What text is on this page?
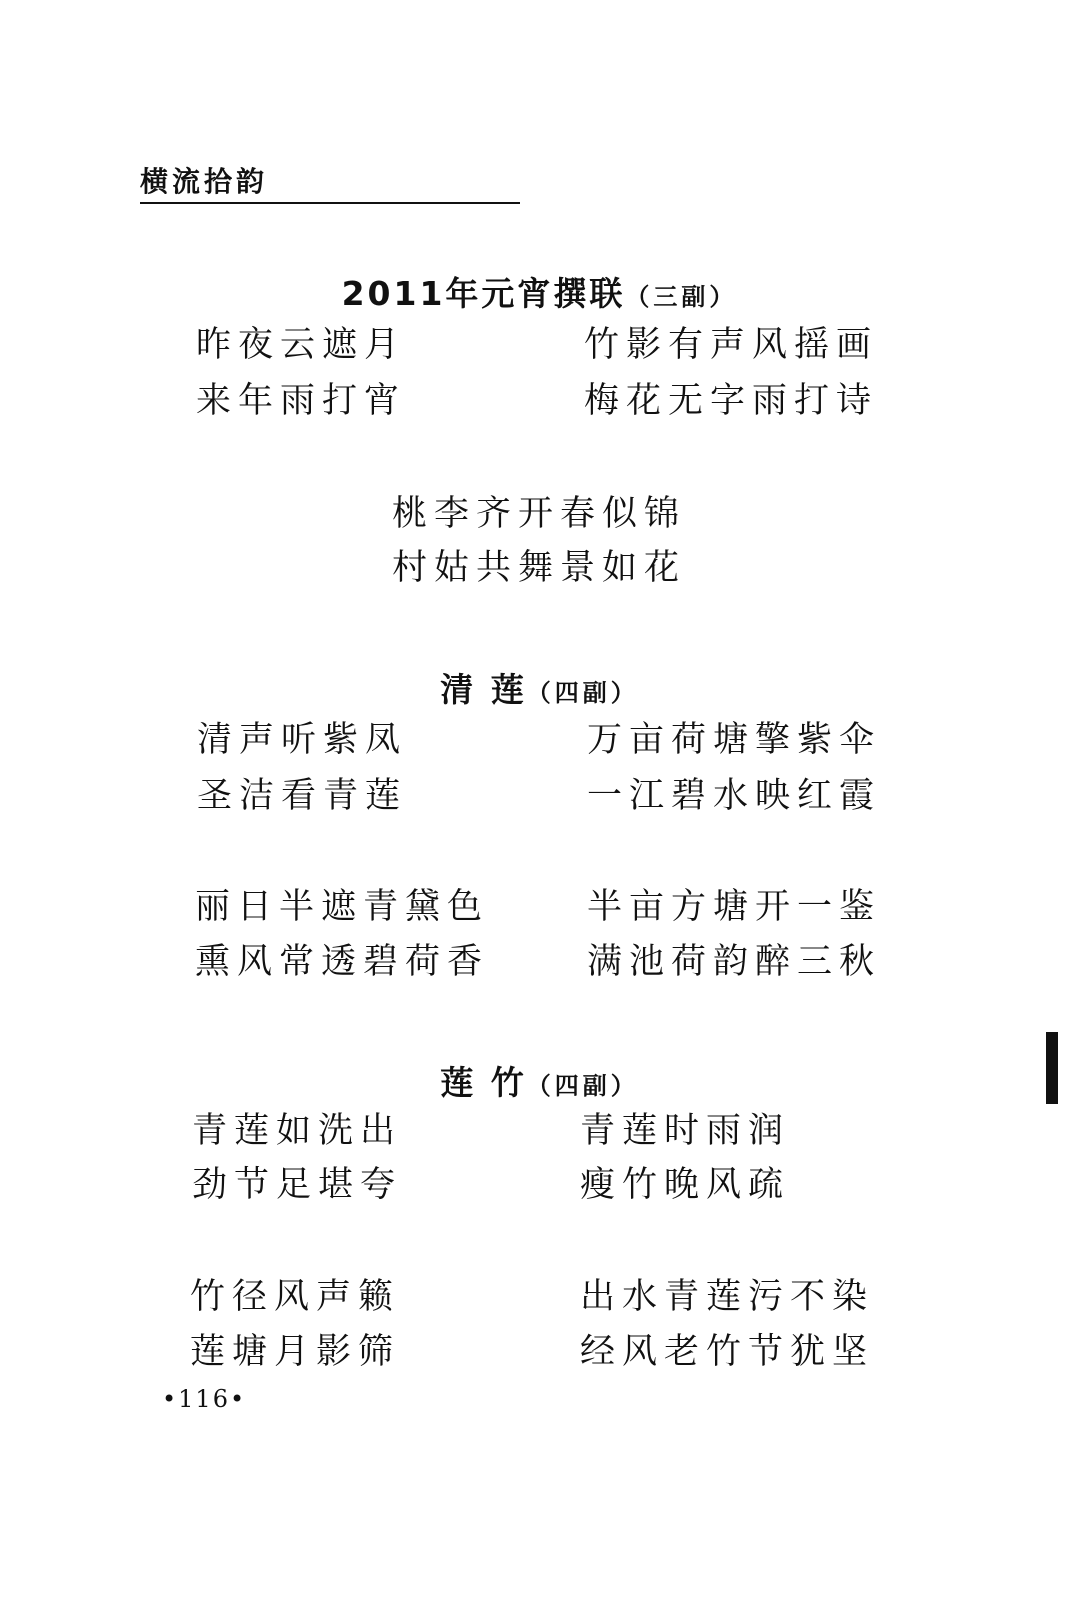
横流拾韵
2011年元宵撰联（三副）
昨夜云遮月
来年雨打宵
竹影有声风摇画
梅花无字雨打诗
桃李齐开春似锦
村姑共舞景如花
清 莲（四副）
清声听紫凤
圣洁看青莲
万亩荷塘擎紫伞
一江碧水映红霞
丽日半遮青黛色
熏风常透碧荷香
半亩方塘开一鉴
满池荷韵醉三秋
莲 竹（四副）
青莲如洗出
劲节足堪夸
青莲时雨润
瘦竹晚风疏
竹径风声籁
莲塘月影筛
出水青莲污不染
经风老竹节犹坚
•116•
